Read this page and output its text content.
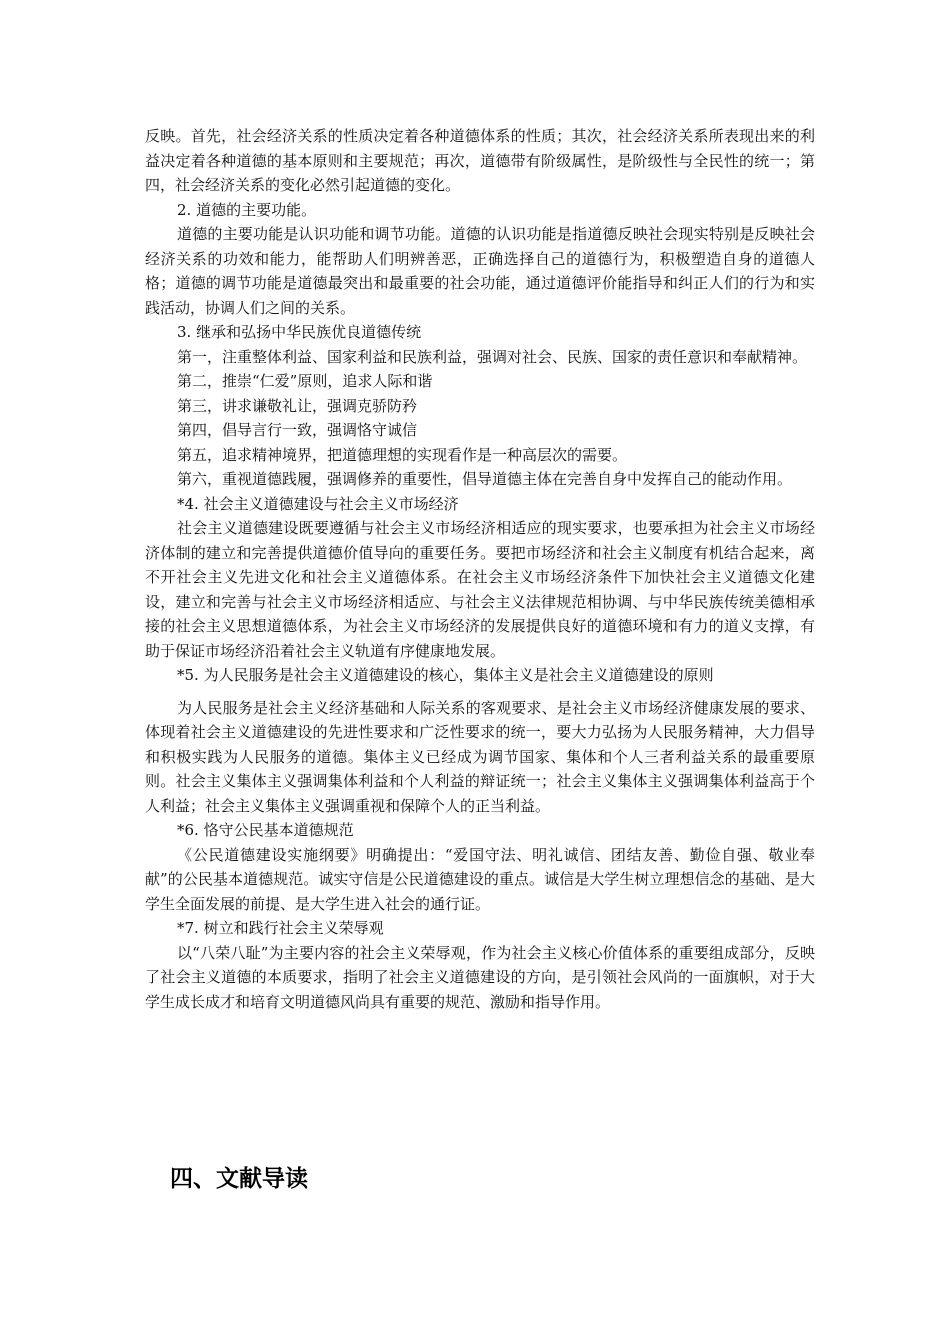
反映。首先，社会经济关系的性质决定着各种道德体系的性质；其次，社会经济关系所表现出来的利益决定着各种道德的基本原则和主要规范；再次，道德带有阶级属性，是阶级性与全民性的统一；第四，社会经济关系的变化必然引起道德的变化。

2. 道德的主要功能。

道德的主要功能是认识功能和调节功能。道德的认识功能是指道德反映社会现实特别是反映社会经济关系的功效和能力，能帮助人们明辨善恶，正确选择自己的道德行为，积极塑造自身的道德人格；道德的调节功能是道德最突出和最重要的社会功能，通过道德评价能指导和纠正人们的行为和实践活动，协调人们之间的关系。

3. 继承和弘扬中华民族优良道德传统

第一，注重整体利益、国家利益和民族利益，强调对社会、民族、国家的责任意识和奉献精神。

第二，推崇“仁爱”原则，追求人际和谐

第三，讲求谦敬礼让，强调克骄防矜

第四，倡导言行一致，强调恪守诚信

第五，追求精神境界，把道德理想的实现看作是一种高层次的需要。

第六，重视道德践履，强调修养的重要性，倡导道德主体在完善自身中发挥自己的能动作用。

*4. 社会主义道德建设与社会主义市场经济

社会主义道德建设既要遵循与社会主义市场经济相适应的现实要求，也要承担为社会主义市场经济体制的建立和完善提供道德价值导向的重要任务。要把市场经济和社会主义制度有机结合起来，离不开社会主义先进文化和社会主义道德体系。在社会主义市场经济条件下加快社会主义道德文化建设，建立和完善与社会主义市场经济相适应、与社会主义法律规范相协调、与中华民族传统美德相承接的社会主义思想道德体系，为社会主义市场经济的发展提供良好的道德环境和有力的道义支撑，有助于保证市场经济沿着社会主义轨道有序健康地发展。

*5. 为人民服务是社会主义道德建设的核心，集体主义是社会主义道德建设的原则

为人民服务是社会主义经济基础和人际关系的客观要求、是社会主义市场经济健康发展的要求、体现着社会主义道德建设的先进性要求和广泛性要求的统一，要大力弘扬为人民服务精神，大力倡导和积极实践为人民服务的道德。集体主义已经成为调节国家、集体和个人三者利益关系的最重要原则。社会主义集体主义强调集体利益和个人利益的辩证统一；社会主义集体主义强调集体利益高于个人利益；社会主义集体主义强调重视和保障个人的正当利益。

*6. 恪守公民基本道德规范

《公民道德建设实施纲要》明确提出：“爱国守法、明礼诚信、团结友善、勤俭自强、敬业奉献”的公民基本道德规范。诚实守信是公民道德建设的重点。诚信是大学生树立理想信念的基础、是大学生全面发展的前提、是大学生进入社会的通行证。

*7. 树立和践行社会主义荣辱观

以“八荣八耻”为主要内容的社会主义荣辱观，作为社会主义核心价值体系的重要组成部分，反映了社会主义道德的本质要求，指明了社会主义道德建设的方向，是引领社会风尚的一面旗帜，对于大学生成长成才和培育文明道德风尚具有重要的规范、激励和指导作用。

四、文献导读
